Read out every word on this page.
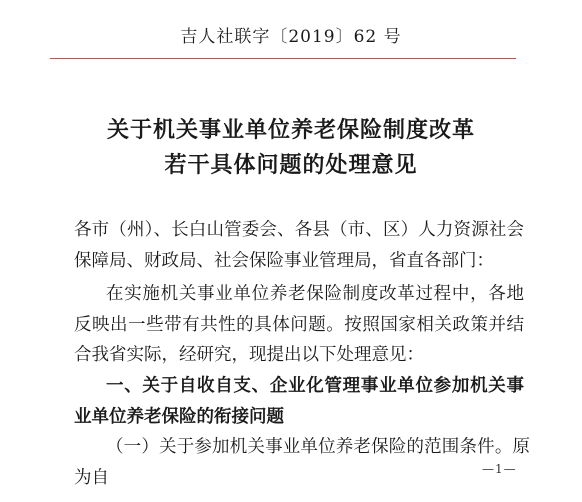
吉人社联字〔2019〕62 号
关于机关事业单位养老保险制度改革
若干具体问题的处理意见
各市（州）、长白山管委会、各县（市、区）人力资源社会保障局、财政局、社会保险事业管理局，省直各部门：
在实施机关事业单位养老保险制度改革过程中，各地反映出一些带有共性的具体问题。按照国家相关政策并结合我省实际，经研究，现提出以下处理意见：
一、关于自收自支、企业化管理事业单位参加机关事业单位养老保险的衔接问题
（一）关于参加机关事业单位养老保险的范围条件。原为自	—1—
